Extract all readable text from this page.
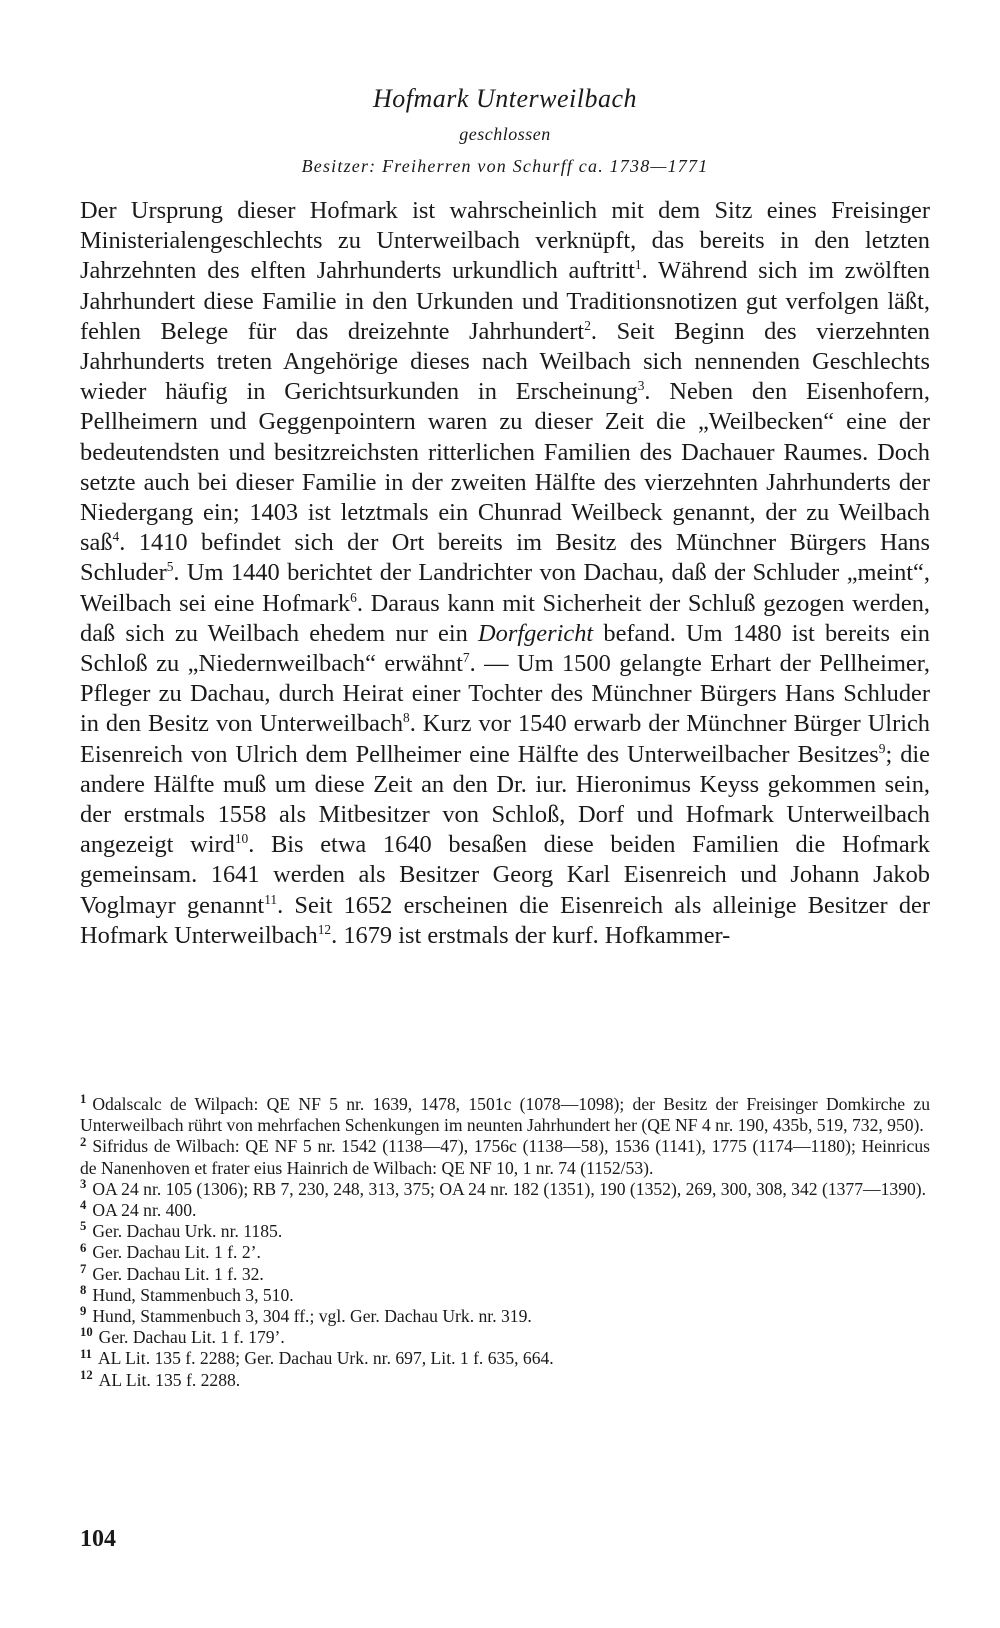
Hofmark Unterweilbach
geschlossen
Besitzer: Freiherren von Schurff ca. 1738—1771
Der Ursprung dieser Hofmark ist wahrscheinlich mit dem Sitz eines Freisinger Ministerialengeschlechts zu Unterweilbach verknüpft, das bereits in den letzten Jahrzehnten des elften Jahrhunderts urkundlich auftritt$^1$. Während sich im zwölften Jahrhundert diese Familie in den Urkunden und Traditionsnotizen gut verfolgen läßt, fehlen Belege für das dreizehnte Jahrhundert$^2$. Seit Beginn des vierzehnten Jahrhunderts treten Angehörige dieses nach Weilbach sich nennenden Geschlechts wieder häufig in Gerichtsurkunden in Erscheinung$^3$. Neben den Eisenhofern, Pellheimern und Geggenpointern waren zu dieser Zeit die „Weilbecken“ eine der bedeutendsten und besitzreichsten ritterlichen Familien des Dachauer Raumes. Doch setzte auch bei dieser Familie in der zweiten Hälfte des vierzehnten Jahrhunderts der Niedergang ein; 1403 ist letztmals ein Chunrad Weilbeck genannt, der zu Weilbach saß$^4$. 1410 befindet sich der Ort bereits im Besitz des Münchner Bürgers Hans Schluder$^5$. Um 1440 berichtet der Landrichter von Dachau, daß der Schluder „meint“, Weilbach sei eine Hofmark$^6$. Daraus kann mit Sicherheit der Schluß gezogen werden, daß sich zu Weilbach ehedem nur ein Dorfgericht befand. Um 1480 ist bereits ein Schloß zu „Niedernweilbach“ erwähnt$^7$. — Um 1500 gelangte Erhart der Pellheimer, Pfleger zu Dachau, durch Heirat einer Tochter des Münchner Bürgers Hans Schluder in den Besitz von Unterweilbach$^8$. Kurz vor 1540 erwarb der Münchner Bürger Ulrich Eisenreich von Ulrich dem Pellheimer eine Hälfte des Unterweilbacher Besitzes$^9$; die andere Hälfte muß um diese Zeit an den Dr. iur. Hieronimus Keyss gekommen sein, der erstmals 1558 als Mitbesitzer von Schloß, Dorf und Hofmark Unterweilbach angezeigt wird$^{10}$. Bis etwa 1640 besaßen diese beiden Familien die Hofmark gemeinsam. 1641 werden als Besitzer Georg Karl Eisenreich und Johann Jakob Voglmayr genannt$^{11}$. Seit 1652 erscheinen die Eisenreich als alleinige Besitzer der Hofmark Unterweilbach$^{12}$. 1679 ist erstmals der kurf. Hofkammer-

$^1$ Odalscalc de Wilpach: QE NF 5 nr. 1639, 1478, 1501c (1078—1098); der Besitz der Freisinger Domkirche zu Unterweilbach rührt von mehrfachen Schenkungen im neunten Jahrhundert her (QE NF 4 nr. 190, 435b, 519, 732, 950).

$^2$ Sifridus de Wilbach: QE NF 5 nr. 1542 (1138—47), 1756c (1138—58), 1536 (1141), 1775 (1174—1180); Heinricus de Nanenhoven et frater eius Hainrich de Wilbach: QE NF 10, 1 nr. 74 (1152/53).

$^3$ OA 24 nr. 105 (1306); RB 7, 230, 248, 313, 375; OA 24 nr. 182 (1351), 190 (1352), 269, 300, 308, 342 (1377—1390).

$^4$ OA 24 nr. 400.

$^5$ Ger. Dachau Urk. nr. 1185.

$^6$ Ger. Dachau Lit. 1 f. 2’.

$^7$ Ger. Dachau Lit. 1 f. 32.

$^8$ Hund, Stammenbuch 3, 510.

$^9$ Hund, Stammenbuch 3, 304 ff.; vgl. Ger. Dachau Urk. nr. 319.

$^{10}$ Ger. Dachau Lit. 1 f. 179’.

$^{11}$ AL Lit. 135 f. 2288; Ger. Dachau Urk. nr. 697, Lit. 1 f. 635, 664.

$^{12}$ AL Lit. 135 f. 2288.

104
